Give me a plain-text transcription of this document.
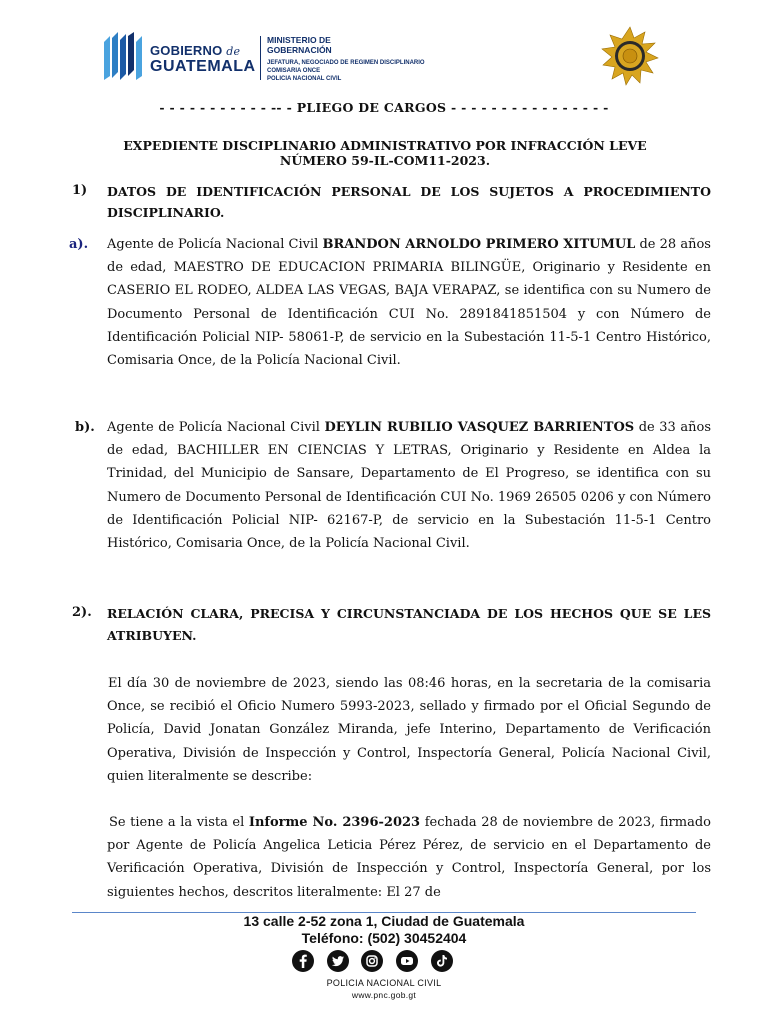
GOBIERNO de
GUATEMALA
MINISTERIO DE GOBERNACIÓN
JEFATURA, NEGOCIADO DE REGIMEN DISCIPLINARIO
COMISARIA ONCE
POLICIA NACIONAL CIVIL
- - - - - - - - - - - -- - PLIEGO DE CARGOS - - - - - - - - - - - - - - - -
EXPEDIENTE DISCIPLINARIO ADMINISTRATIVO POR INFRACCIÓN LEVE
NÚMERO 59-IL-COM11-2023.
1) DATOS DE IDENTIFICACIÓN PERSONAL DE LOS SUJETOS A PROCEDIMIENTO DISCIPLINARIO.
a). Agente de Policía Nacional Civil BRANDON ARNOLDO PRIMERO XITUMUL de 28 años de edad, MAESTRO DE EDUCACION PRIMARIA BILINGÜE, Originario y Residente en CASERIO EL RODEO, ALDEA LAS VEGAS, BAJA VERAPAZ, se identifica con su Numero de Documento Personal de Identificación CUI No. 2891841851504 y con Número de Identificación Policial NIP- 58061-P, de servicio en la Subestación 11-5-1 Centro Histórico, Comisaria Once, de la Policía Nacional Civil.
b). Agente de Policía Nacional Civil DEYLIN RUBILIO VASQUEZ BARRIENTOS de 33 años de edad, BACHILLER EN CIENCIAS Y LETRAS, Originario y Residente en Aldea la Trinidad, del Municipio de Sansare, Departamento de El Progreso, se identifica con su Numero de Documento Personal de Identificación CUI No. 1969 26505 0206 y con Número de Identificación Policial NIP- 62167-P, de servicio en la Subestación 11-5-1 Centro Histórico, Comisaria Once, de la Policía Nacional Civil.
2). RELACIÓN CLARA, PRECISA Y CIRCUNSTANCIADA DE LOS HECHOS QUE SE LES ATRIBUYEN.
El día 30 de noviembre de 2023, siendo las 08:46 horas, en la secretaria de la comisaria Once, se recibió el Oficio Numero 5993-2023, sellado y firmado por el Oficial Segundo de Policía, David Jonatan González Miranda, jefe Interino, Departamento de Verificación Operativa, División de Inspección y Control, Inspectoría General, Policía Nacional Civil, quien literalmente se describe:
Se tiene a la vista el Informe No. 2396-2023 fechada 28 de noviembre de 2023, firmado por Agente de Policía Angelica Leticia Pérez Pérez, de servicio en el Departamento de Verificación Operativa, División de Inspección y Control, Inspectoría General, por los siguientes hechos, descritos literalmente: El 27 de
13 calle 2-52 zona 1, Ciudad de Guatemala
Teléfono: (502) 30452404
POLICIA NACIONAL CIVIL
www.pnc.gob.gt
